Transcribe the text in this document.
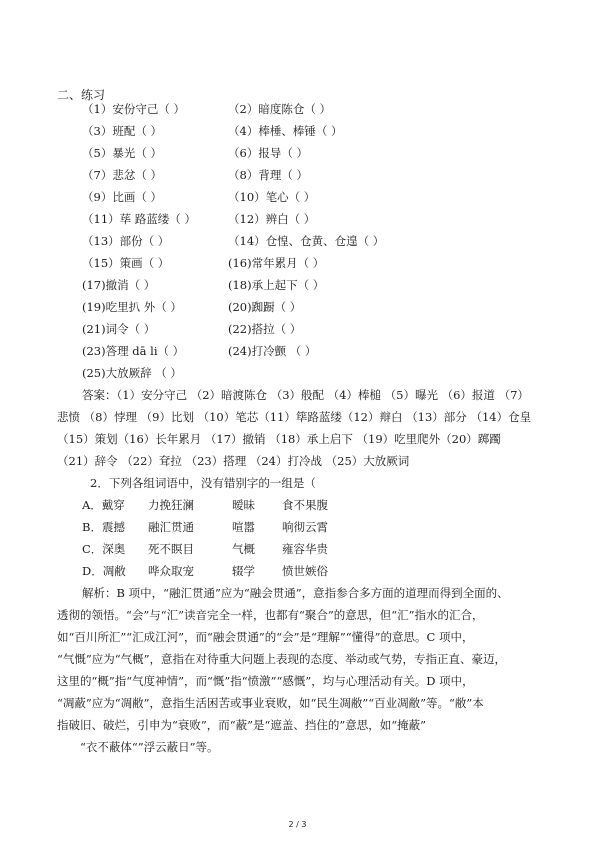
二、练习
（1）安份守己（ ）	（2）暗度陈仓（ ）
（3）班配（ ）	（4）棒棰、棒锤（ ）
（5）暴光（ ）	（6）报导（ ）
（7）悲忿（ ）	（8）背理（ ）
（9）比画（ ）	（10）笔心（ ）
（11）荜 路蓝缕（ ）	（12）辨白（ ）
（13）部份（ ）	（14）仓惶、仓黄、仓遑（ ）
（15）策画（ ）	(16)常年累月（ ）
(17)撤消（ ）	(18)承上起下（ ）
(19)吃里扒 外（ ）	(20)踟蹰（ ）
(21)词令（ ）	(22)搭拉（ ）
(23)答理 dā li（ ）	(24)打冷颤 （ ）
(25)大放厥辞 （ ）
答案：（1）安分守己 （2）暗渡陈仓 （3）般配 （4）棒槌 （5）曝光 （6）报道 （7）
悲愤 （8）悖理 （9）比划 （10）笔芯（11）筚路蓝缕（12）辩白 （13）部分 （14）仓皇
（15）策划（16）长年累月 （17）撤销 （18）承上启下 （19）吃里爬外（20）踯躅
（21）辞令 （22）耷拉 （23）搭理 （24）打冷战 （25）大放厥词
2．下列各组词语中，没有错别字的一组是（
A．戴穿 力挽狂澜	暧昧 食不果腹
B．震撼 融汇贯通	喧嚣 响彻云霄
C．深奥 死不瞑目	气概 雍容华贵
D．凋敝 哗众取宠	辍学 愤世嫉俗
解析：B 项中，“融汇贯通”应为“融会贯通”，意指参合多方面的道理而得到全面的、
透彻的领悟。“会”与“汇”读音完全一样，也都有“聚合”的意思，但“汇”指水的汇合，
如“百川所汇”“汇成江河”，而“融会贯通”的“会”是“理解”“懂得”的意思。C 项中，
“气慨”应为“气概”，意指在对待重大问题上表现的态度、举动或气势，专指正直、豪迈，
这里的“概”指“气度神情”，而“慨”指“愤激”“感慨”，均与心理活动有关。D 项中，
“凋蔽”应为“凋敝”，意指生活困苦或事业衰败，如“民生凋敝”“百业凋敝”等。“敝”本
指破旧、破烂，引申为“衰败”，而“蔽”是“遮盖、挡住的”意思，如“掩蔽”
“衣不蔽体“”浮云蔽日”等。
2 / 3
